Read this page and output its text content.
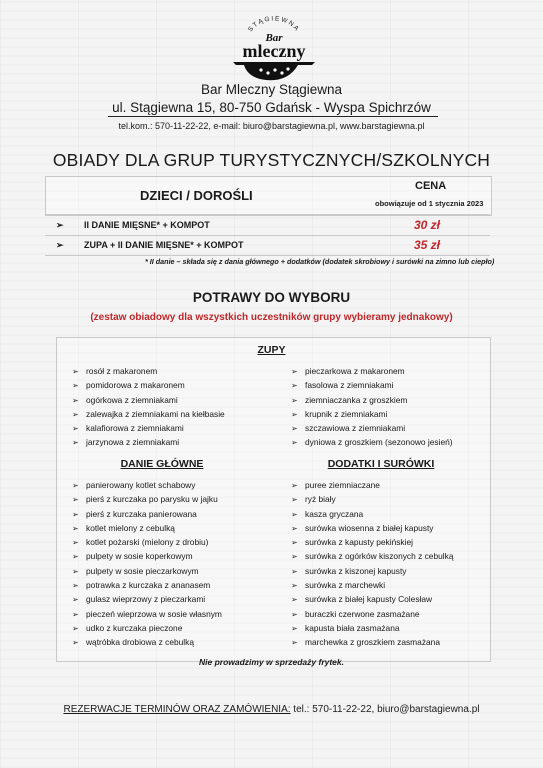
STĄGIEWNA
Bar
mleczny
Bar Mleczny Stągiewna
ul. Stągiewna 15, 80-750 Gdańsk - Wyspa Spichrzów
tel.kom.: 570-11-22-22, e-mail: biuro@barstagiewna.pl, www.barstagiewna.pl
OBIADY DLA GRUP TURYSTYCZNYCH/SZKOLNYCH
DZIECI / DOROŚLI
CENA
obowiązuje od 1 stycznia 2023
➢ II DANIE MIĘSNE* + KOMPOT	30 zł
➢ ZUPA + II DANIE MIĘSNE* + KOMPOT	35 zł
* II danie – składa się z dania głównego + dodatków (dodatek skrobiowy i surówki na zimno lub ciepło)
POTRAWY DO WYBORU
(zestaw obiadowy dla wszystkich uczestników grupy wybieramy jednakowy)
ZUPY
➢ rosół z makaronem
➢ pomidorowa z makaronem
➢ ogórkowa z ziemniakami
➢ zalewajka z ziemniakami na kiełbasie
➢ kalafiorowa z ziemniakami
➢ jarzynowa z ziemniakami
➢ pieczarkowa z makaronem
➢ fasolowa z ziemniakami
➢ ziemniaczanka z groszkiem
➢ krupnik z ziemniakami
➢ szczawiowa z ziemniakami
➢ dyniowa z groszkiem (sezonowo jesień)
DANIE GŁÓWNE	DODATKI I SURÓWKI
➢ panierowany kotlet schabowy
➢ pierś z kurczaka po parysku w jajku
➢ pierś z kurczaka panierowana
➢ kotlet mielony z cebulką
➢ kotlet pożarski (mielony z drobiu)
➢ pulpety w sosie koperkowym
➢ pulpety w sosie pieczarkowym
➢ potrawka z kurczaka z ananasem
➢ gulasz wieprzowy z pieczarkami
➢ pieczeń wieprzowa w sosie własnym
➢ udko z kurczaka pieczone
➢ wątróbka drobiowa z cebulką
➢ puree ziemniaczane
➢ ryż biały
➢ kasza gryczana
➢ surówka wiosenna z białej kapusty
➢ surówka z kapusty pekińskiej
➢ surówka z ogórków kiszonych z cebulką
➢ surówka z kiszonej kapusty
➢ surówka z marchewki
➢ surówka z białej kapusty Colesław
➢ buraczki czerwone zasmażane
➢ kapusta biała zasmażana
➢ marchewka z groszkiem zasmażana
Nie prowadzimy w sprzedaży frytek.
REZERWACJE TERMINÓW ORAZ ZAMÓWIENIA: tel.: 570-11-22-22, biuro@barstagiewna.pl
